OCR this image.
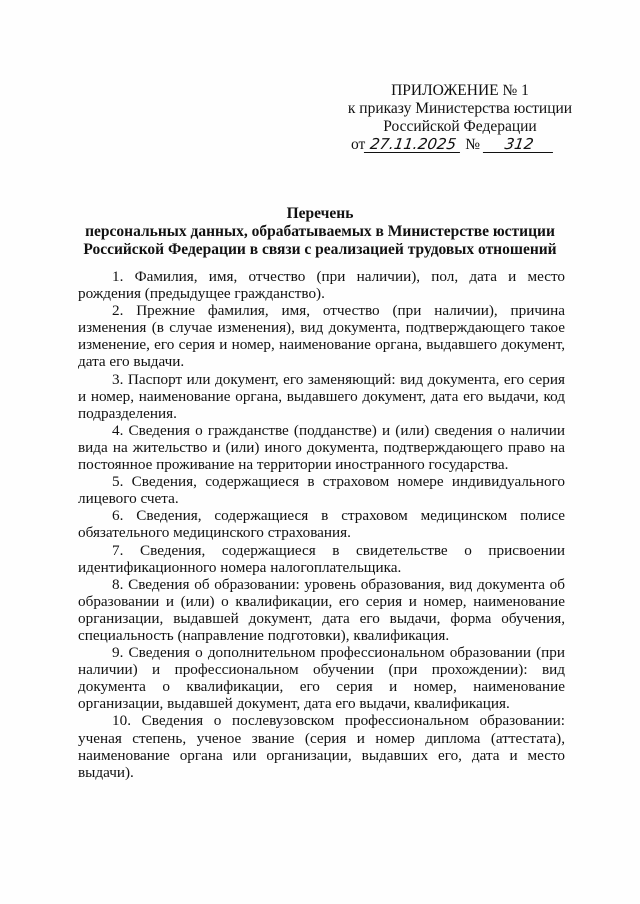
ПРИЛОЖЕНИЕ № 1
к приказу Министерства юстиции
Российской Федерации
от 27.11.2025 № 312
Перечень
персональных данных, обрабатываемых в Министерстве юстиции
Российской Федерации в связи с реализацией трудовых отношений

1. Фамилия, имя, отчество (при наличии), пол, дата и место рождения (предыдущее гражданство).

2. Прежние фамилия, имя, отчество (при наличии), причина изменения (в случае изменения), вид документа, подтверждающего такое изменение, его серия и номер, наименование органа, выдавшего документ, дата его выдачи.

3. Паспорт или документ, его заменяющий: вид документа, его серия и номер, наименование органа, выдавшего документ, дата его выдачи, код подразделения.

4. Сведения о гражданстве (подданстве) и (или) сведения о наличии вида на жительство и (или) иного документа, подтверждающего право на постоянное проживание на территории иностранного государства.

5. Сведения, содержащиеся в страховом номере индивидуального лицевого счета.

6. Сведения, содержащиеся в страховом медицинском полисе обязательного медицинского страхования.

7. Сведения, содержащиеся в свидетельстве о присвоении идентификационного номера налогоплательщика.

8. Сведения об образовании: уровень образования, вид документа об образовании и (или) о квалификации, его серия и номер, наименование организации, выдавшей документ, дата его выдачи, форма обучения, специальность (направление подготовки), квалификация.

9. Сведения о дополнительном профессиональном образовании (при наличии) и профессиональном обучении (при прохождении): вид документа о квалификации, его серия и номер, наименование организации, выдавшей документ, дата его выдачи, квалификация.

10. Сведения о послевузовском профессиональном образовании: ученая степень, ученое звание (серия и номер диплома (аттестата), наименование органа или организации, выдавших его, дата и место выдачи).
